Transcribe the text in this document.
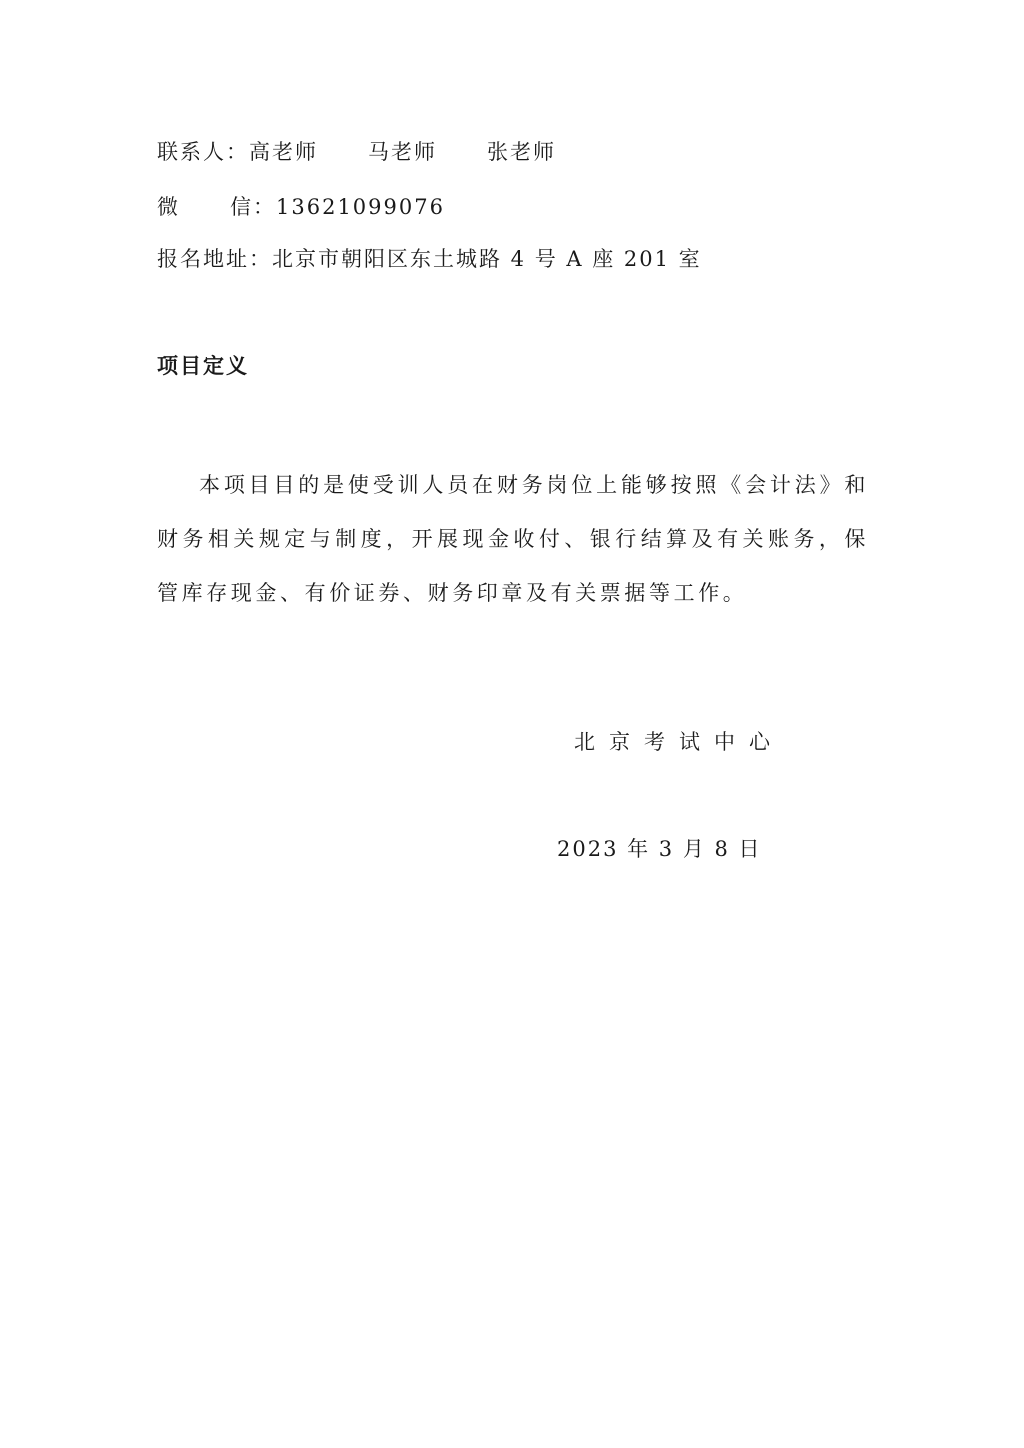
联系人：高老师 马老师 张老师
微 信：13621099076
报名地址：北京市朝阳区东土城路 4 号 A 座 201 室
项目定义
本项目目的是使受训人员在财务岗位上能够按照《会计法》和财务相关规定与制度，开展现金收付、银行结算及有关账务，保管库存现金、有价证券、财务印章及有关票据等工作。
北京考试中心
2023 年 3 月 8 日
